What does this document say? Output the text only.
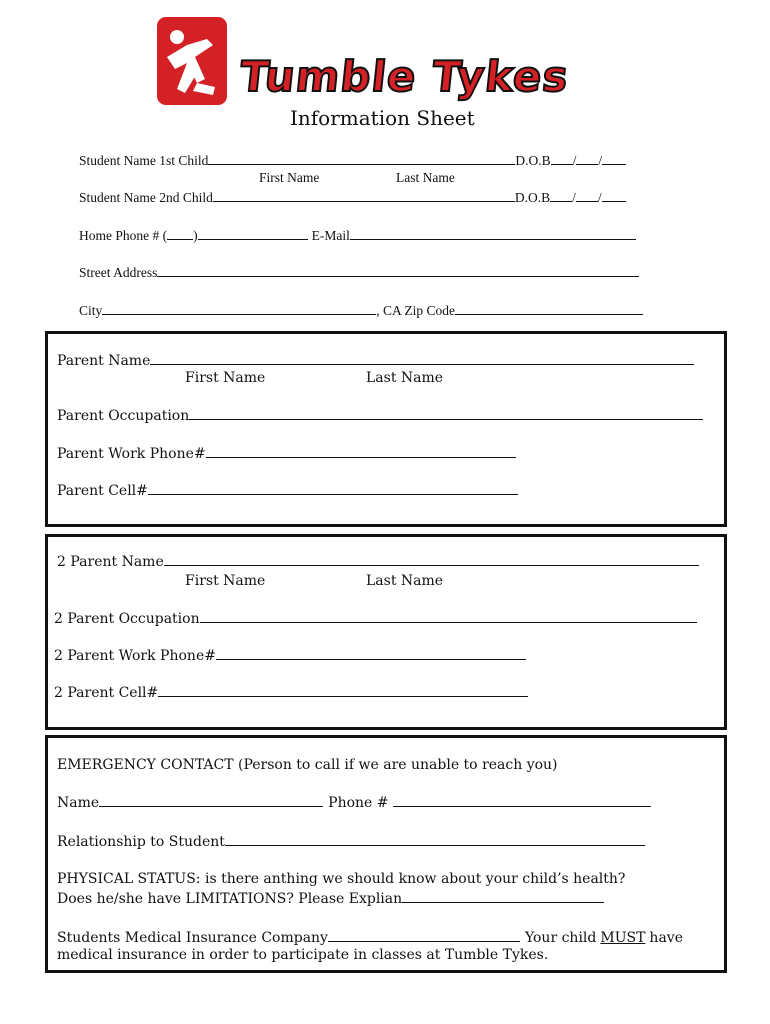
Tumble Tykes
Information Sheet
Student Name 1st Child	D.O.B / /
First Name	Last Name
Student Name 2nd Child	D.O.B / /
Home Phone # ( )	E-Mail
Street Address
City	, CA Zip Code
Parent Name
First Name	Last Name
Parent Occupation
Parent Work Phone#
Parent Cell#
2 Parent Name
First Name	Last Name
2 Parent Occupation
2 Parent Work Phone#
2 Parent Cell#
EMERGENCY CONTACT (Person to call if we are unable to reach you)
Name	Phone #
Relationship to Student
PHYSICAL STATUS: is there anthing we should know about your child’s health?
Does he/she have LIMITATIONS? Please Explian
Students Medical Insurance Company	Your child MUST have
medical insurance in order to participate in classes at Tumble Tykes.
